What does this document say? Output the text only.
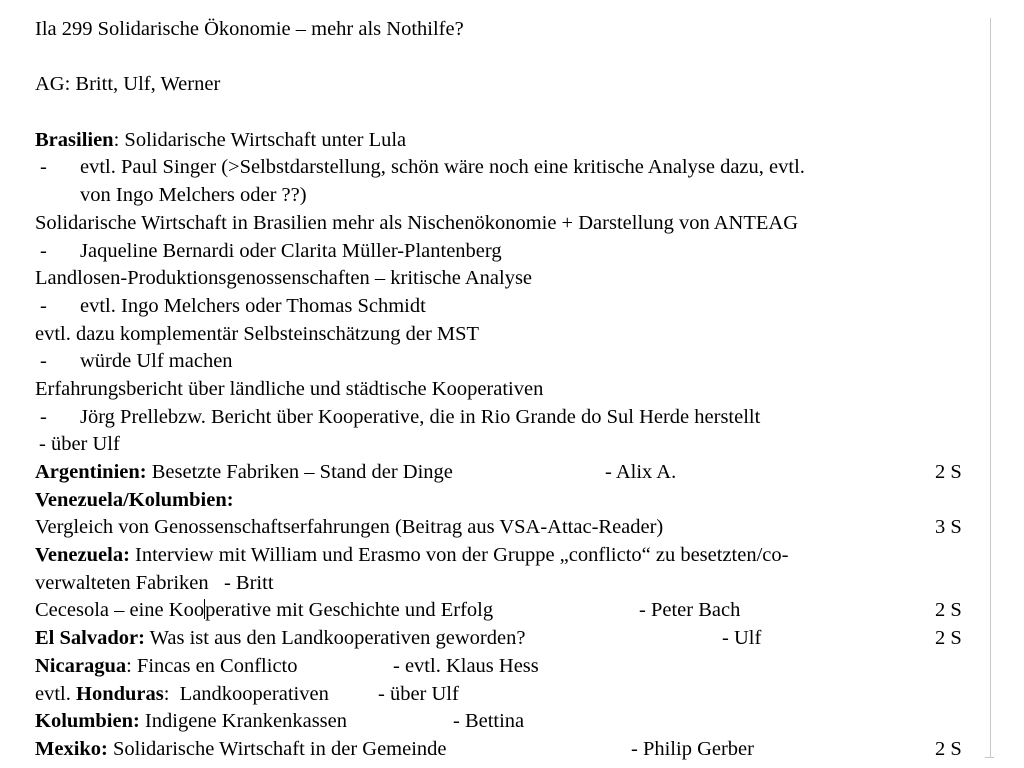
Ila 299 Solidarische Ökonomie – mehr als Nothilfe?
AG: Britt, Ulf, Werner
Brasilien: Solidarische Wirtschaft unter Lula
- evtl. Paul Singer (>Selbstdarstellung, schön wäre noch eine kritische Analyse dazu, evtl.
von Ingo Melchers oder ??)
Solidarische Wirtschaft in Brasilien mehr als Nischenökonomie + Darstellung von ANTEAG
- Jaqueline Bernardi oder Clarita Müller-Plantenberg
Landlosen-Produktionsgenossenschaften – kritische Analyse
- evtl. Ingo Melchers oder Thomas Schmidt
evtl. dazu komplementär Selbsteinschätzung der MST
- würde Ulf machen
Erfahrungsbericht über ländliche und städtische Kooperativen
- Jörg Prellebzw. Bericht über Kooperative, die in Rio Grande do Sul Herde herstellt
- über Ulf
Argentinien: Besetzte Fabriken – Stand der Dinge	- Alix A.	2 S
Venezuela/Kolumbien:
Vergleich von Genossenschaftserfahrungen (Beitrag aus VSA-Attac-Reader)	3 S
Venezuela: Interview mit William und Erasmo von der Gruppe „conflicto“ zu besetzten/co-
verwalteten Fabriken   - Britt
Cecesola – eine Kooperative mit Geschichte und Erfolg	- Peter Bach	2 S
El Salvador: Was ist aus den Landkooperativen geworden?	- Ulf	2 S
Nicaragua: Fincas en Conflicto	- evtl. Klaus Hess
evtl. Honduras:  Landkooperativen - über Ulf
Kolumbien: Indigene Krankenkassen	- Bettina
Mexiko: Solidarische Wirtschaft in der Gemeinde	- Philip Gerber	2 S
